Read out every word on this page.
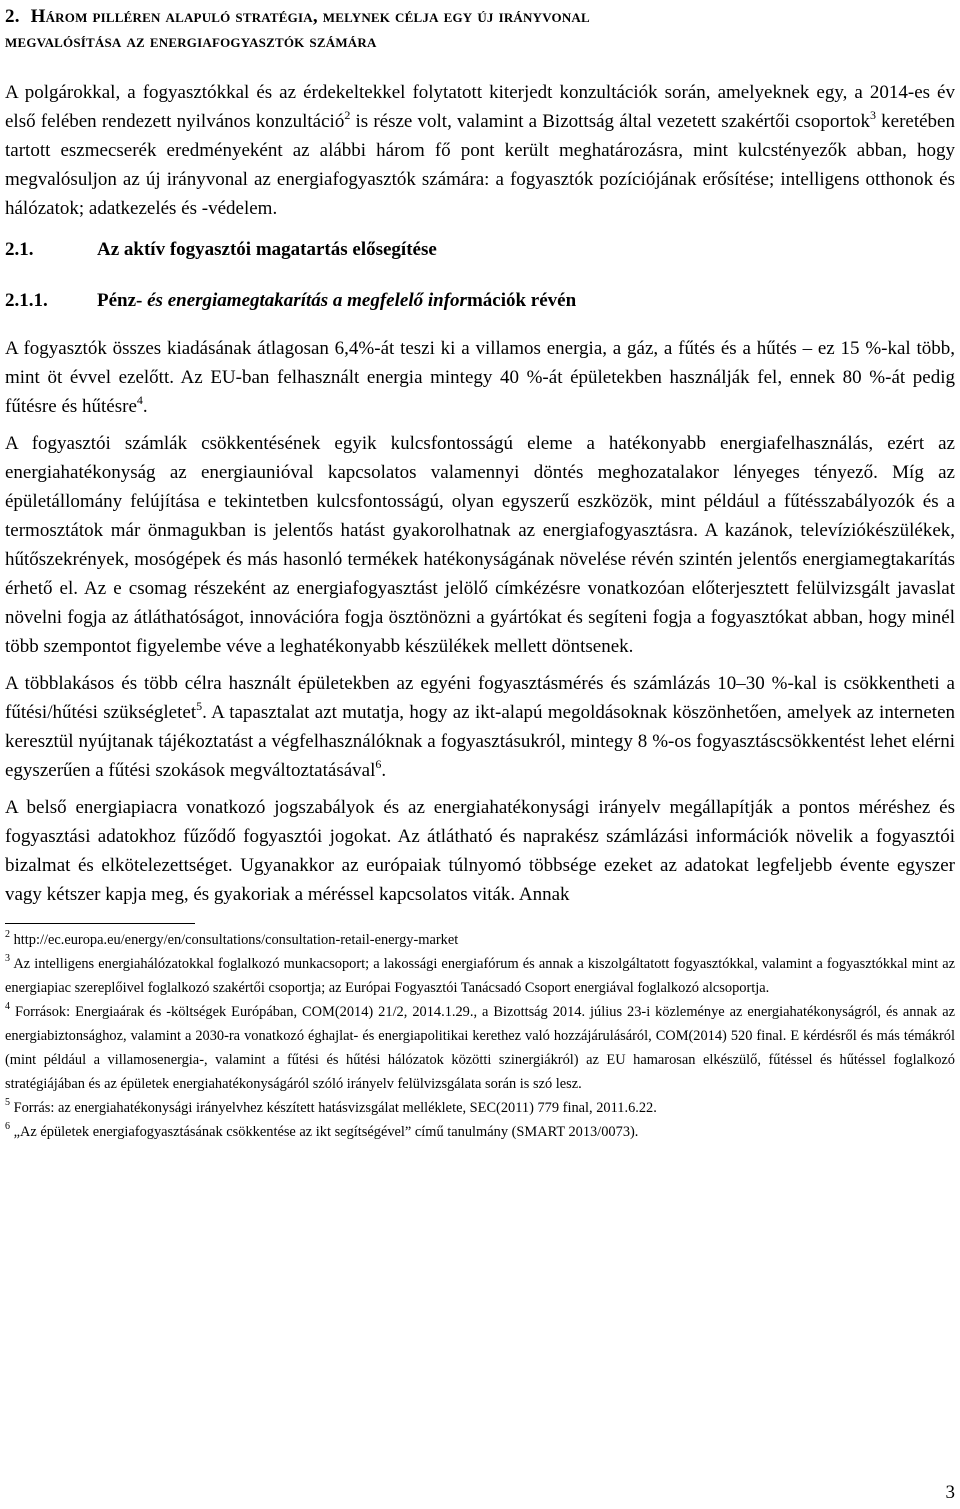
2. Három pilléren alapuló stratégia, melynek célja egy új irányvonal
megvalósítása az energiafogyasztók számára

A polgárokkal, a fogyasztókkal és az érdekeltekkel folytatott kiterjedt konzultációk során, amelyeknek egy, a 2014-es év első felében rendezett nyilvános konzultáció$^2$ is része volt, valamint a Bizottság által vezetett szakértői csoportok$^3$ keretében tartott eszmecserék eredményeként az alábbi három fő pont került meghatározásra, mint kulcstényezők abban, hogy megvalósuljon az új irányvonal az energiafogyasztók számára: a fogyasztók pozíciójának erősítése; intelligens otthonok és hálózatok; adatkezelés és -védelem.

2.1.	Az aktív fogyasztói magatartás elősegítése

2.1.1.	Pénz- és energiamegtakarítás a megfelelő információk révén

A fogyasztók összes kiadásának átlagosan 6,4%-át teszi ki a villamos energia, a gáz, a fűtés és a hűtés – ez 15 %-kal több, mint öt évvel ezelőtt. Az EU-ban felhasznált energia mintegy 40 %-át épületekben használják fel, ennek 80 %-át pedig fűtésre és hűtésre$^4$.

A fogyasztói számlák csökkentésének egyik kulcsfontosságú eleme a hatékonyabb energiafelhasználás, ezért az energiahatékonyság az energiaunióval kapcsolatos valamennyi döntés meghozatalakor lényeges tényező. Míg az épületállomány felújítása e tekintetben kulcsfontosságú, olyan egyszerű eszközök, mint például a fűtésszabályozók és a termosztátok már önmagukban is jelentős hatást gyakorolhatnak az energiafogyasztásra. A kazánok, televíziókészülékek, hűtőszekrények, mosógépek és más hasonló termékek hatékonyságának növelése révén szintén jelentős energiamegtakarítás érhető el. Az e csomag részeként az energiafogyasztást jelölő címkézésre vonatkozóan előterjesztett felülvizsgált javaslat növelni fogja az átláthatóságot, innovációra fogja ösztönözni a gyártókat és segíteni fogja a fogyasztókat abban, hogy minél több szempontot figyelembe véve a leghatékonyabb készülékek mellett döntsenek.

A többlakásos és több célra használt épületekben az egyéni fogyasztásmérés és számlázás 10–30 %-kal is csökkentheti a fűtési/hűtési szükségletet$^5$. A tapasztalat azt mutatja, hogy az ikt-alapú megoldásoknak köszönhetően, amelyek az interneten keresztül nyújtanak tájékoztatást a végfelhasználóknak a fogyasztásukról, mintegy 8 %-os fogyasztáscsökkentést lehet elérni egyszerűen a fűtési szokások megváltoztatásával$^6$.

A belső energiapiacra vonatkozó jogszabályok és az energiahatékonysági irányelv megállapítják a pontos méréshez és fogyasztási adatokhoz fűződő fogyasztói jogokat. Az átlátható és naprakész számlázási információk növelik a fogyasztói bizalmat és elkötelezettséget. Ugyanakkor az európaiak túlnyomó többsége ezeket az adatokat legfeljebb évente egyszer vagy kétszer kapja meg, és gyakoriak a méréssel kapcsolatos viták. Annak

$^2$ http://ec.europa.eu/energy/en/consultations/consultation-retail-energy-market

$^3$ Az intelligens energiahálózatokkal foglalkozó munkacsoport; a lakossági energiafórum és annak a kiszolgáltatott fogyasztókkal, valamint a fogyasztókkal mint az energiapiac szereplőivel foglalkozó szakértői csoportja; az Európai Fogyasztói Tanácsadó Csoport energiával foglalkozó alcsoportja.

$^4$ Források: Energiaárak és -költségek Európában, COM(2014) 21/2, 2014.1.29., a Bizottság 2014. július 23-i közleménye az energiahatékonyságról, és annak az energiabiztonsághoz, valamint a 2030-ra vonatkozó éghajlat- és energiapolitikai kerethez való hozzájárulásáról, COM(2014) 520 final. E kérdésről és más témákról (mint például a villamosenergia-, valamint a fűtési és hűtési hálózatok közötti szinergiákról) az EU hamarosan elkészülő, fűtéssel és hűtéssel foglalkozó stratégiájában és az épületek energiahatékonyságáról szóló irányelv felülvizsgálata során is szó lesz.

$^5$ Forrás: az energiahatékonysági irányelvhez készített hatásvizsgálat melléklete, SEC(2011) 779 final, 2011.6.22.

$^6$ „Az épületek energiafogyasztásának csökkentése az ikt segítségével” című tanulmány (SMART 2013/0073).

3
